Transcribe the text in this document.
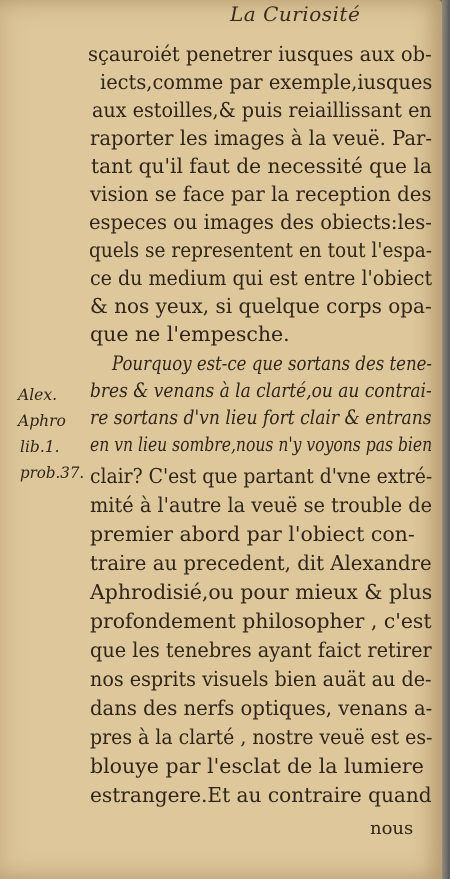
La Curiosité
sçauroiét penetrer iusques aux ob-
iects,comme par exemple,iusques
aux estoilles,& puis reiaillissant en
raporter les images à la veuë. Par-
tant qu'il faut de necessité que la
vision se face par la reception des
especes ou images des obiects:les-
quels se representent en tout l'espa-
ce du medium qui est entre l'obiect
& nos yeux, si quelque corps opa-
que ne l'empesche.
Pourquoy est-ce que sortans des tene-
bres & venans à la clarté,ou au contrai-
re sortans d'vn lieu fort clair & entrans
en vn lieu sombre,nous n'y voyons pas bien
clair? C'est que partant d'vne extré-
mité à l'autre la veuë se trouble de
premier abord par l'obiect con-
traire au precedent, dit Alexandre
Aphrodisié,ou pour mieux & plus
profondement philosopher , c'est
que les tenebres ayant faict retirer
nos esprits visuels bien auät au de-
dans des nerfs optiques, venans a-
pres à la clarté , nostre veuë est es-
blouye par l'esclat de la lumiere
estrangere.Et au contraire quand
Alex.
Aphro
lib.1.
prob.37.
nous
